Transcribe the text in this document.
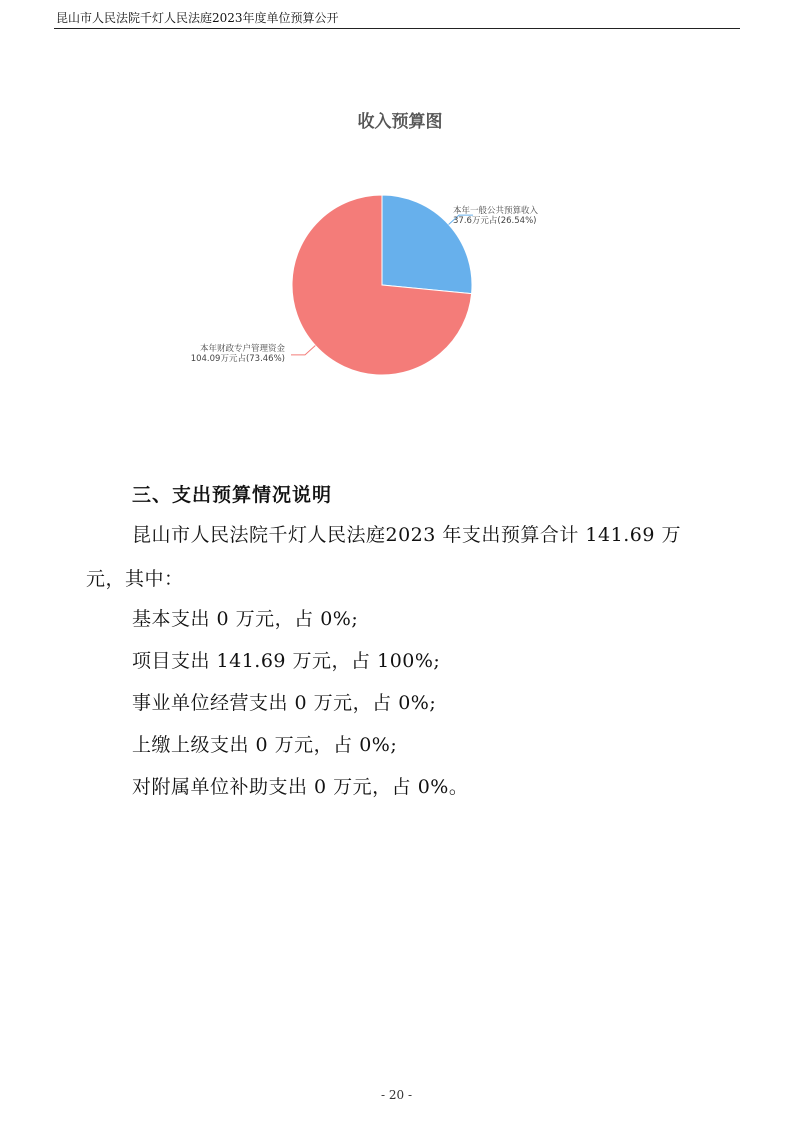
昆山市人民法院千灯人民法庭2023年度单位预算公开
收入预算图
本年一般公共预算收入
37.6万元占(26.54%)
本年财政专户管理资金
104.09万元占(73.46%)
三、支出预算情况说明
昆山市人民法院千灯人民法庭2023 年支出预算合计 141.69 万
元，其中：
基本支出 0 万元，占 0%;
项目支出 141.69 万元，占 100%;
事业单位经营支出 0 万元，占 0%;
上缴上级支出 0 万元，占 0%;
对附属单位补助支出 0 万元，占 0%。
- 20 -
